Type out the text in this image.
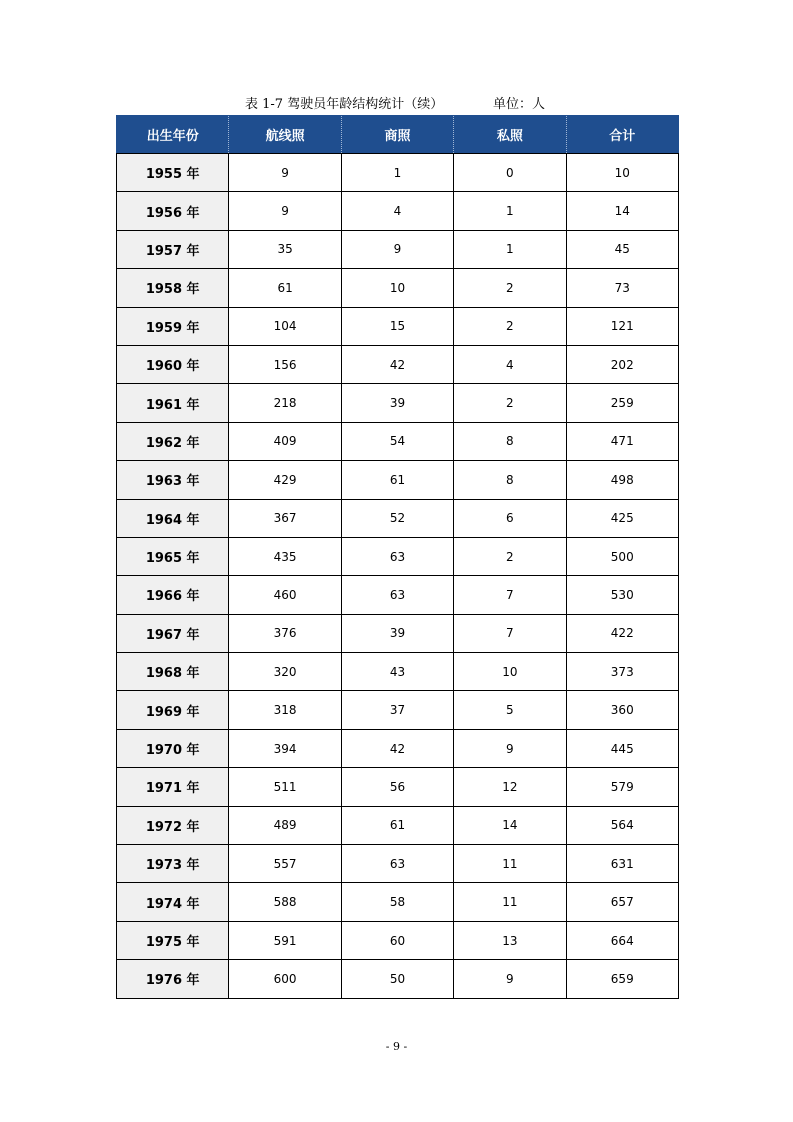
表 1-7 驾驶员年龄结构统计（续）	单位：人
出生年份	航线照	商照	私照	合计
1955 年	9	1	0	10
1956 年	9	4	1	14
1957 年	35	9	1	45
1958 年	61	10	2	73
1959 年	104	15	2	121
1960 年	156	42	4	202
1961 年	218	39	2	259
1962 年	409	54	8	471
1963 年	429	61	8	498
1964 年	367	52	6	425
1965 年	435	63	2	500
1966 年	460	63	7	530
1967 年	376	39	7	422
1968 年	320	43	10	373
1969 年	318	37	5	360
1970 年	394	42	9	445
1971 年	511	56	12	579
1972 年	489	61	14	564
1973 年	557	63	11	631
1974 年	588	58	11	657
1975 年	591	60	13	664
1976 年	600	50	9	659
- 9 -
